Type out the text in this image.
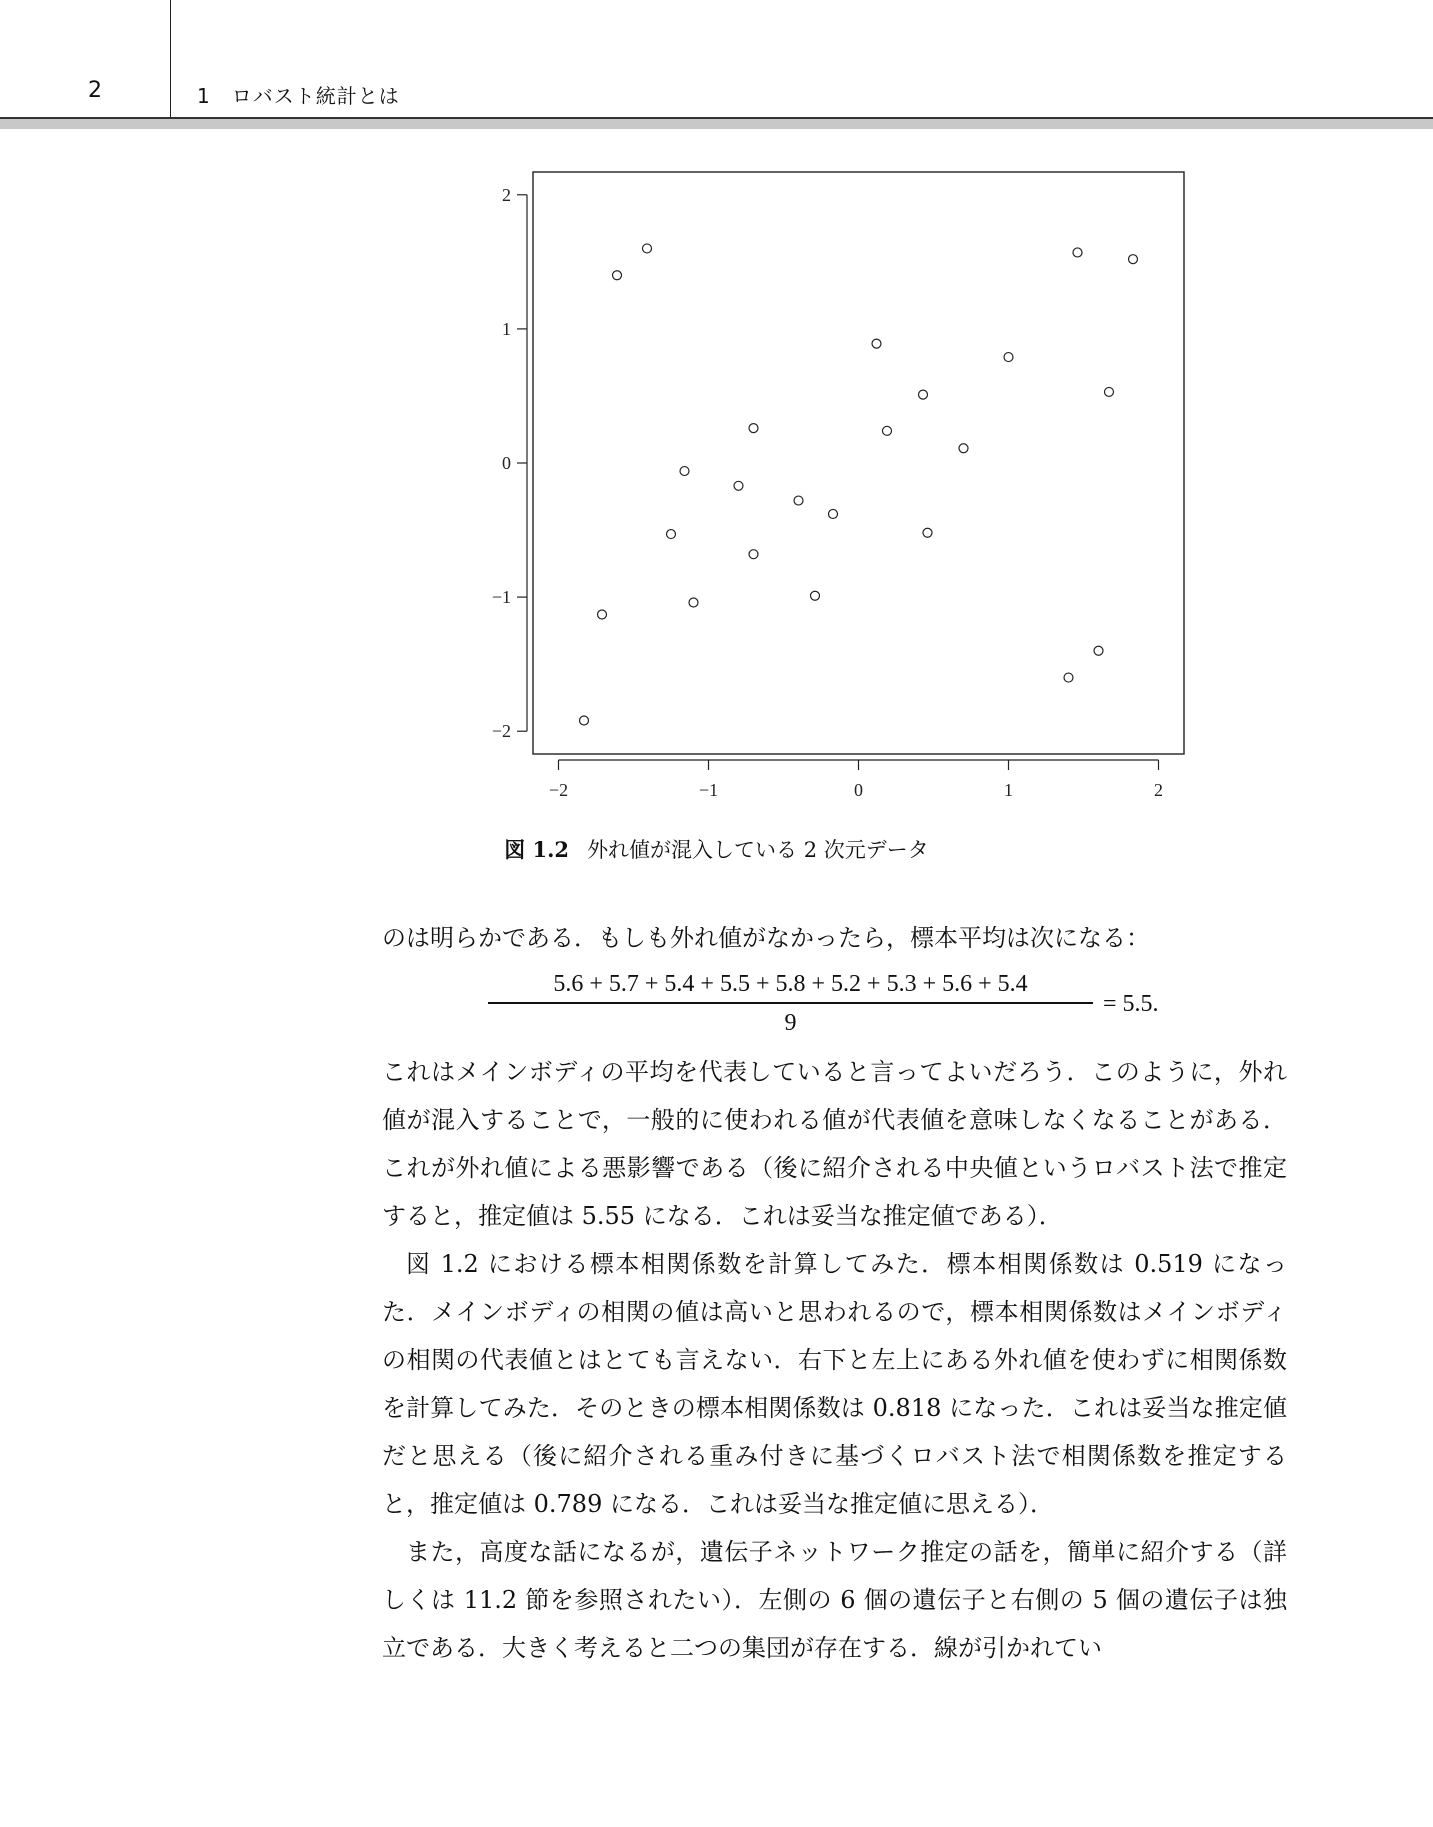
2	1　ロバスト統計とは
−2	−1	0	1	2
−2
−1
0
1
2
図 1.2 外れ値が混入している 2 次元データ

のは明らかである．もしも外れ値がなかったら，標本平均は次になる：

5.6 + 5.7 + 5.4 + 5.5 + 5.8 + 5.2 + 5.3 + 5.6 + 5.4
9
= 5.5.

これはメインボディの平均を代表していると言ってよいだろう．このように，外れ値が混入することで，一般的に使われる値が代表値を意味しなくなることがある．これが外れ値による悪影響である（後に紹介される中央値というロバスト法で推定すると，推定値は 5.55 になる．これは妥当な推定値である）．

図 1.2 における標本相関係数を計算してみた．標本相関係数は 0.519 になった．メインボディの相関の値は高いと思われるので，標本相関係数はメインボディの相関の代表値とはとても言えない．右下と左上にある外れ値を使わずに相関係数を計算してみた．そのときの標本相関係数は 0.818 になった．これは妥当な推定値だと思える（後に紹介される重み付きに基づくロバスト法で相関係数を推定すると，推定値は 0.789 になる．これは妥当な推定値に思える）．

また，高度な話になるが，遺伝子ネットワーク推定の話を，簡単に紹介する（詳しくは 11.2 節を参照されたい）．左側の 6 個の遺伝子と右側の 5 個の遺伝子は独立である．大きく考えると二つの集団が存在する．線が引かれてい
